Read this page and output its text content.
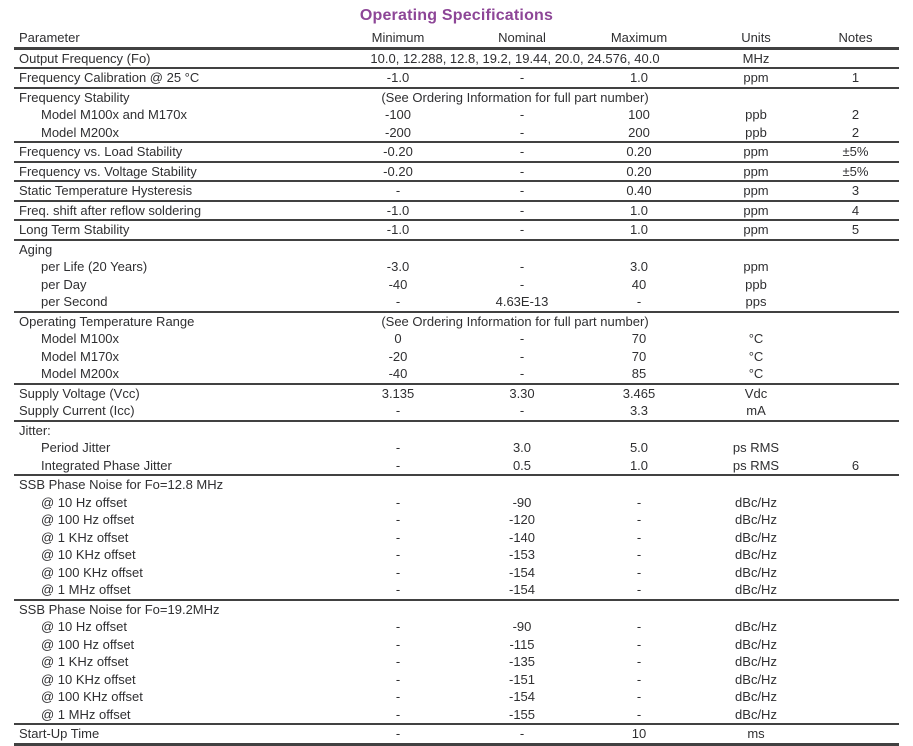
Operating Specifications
Parameter	Minimum	Nominal	Maximum	Units	Notes
Output Frequency (Fo)	10.0, 12.288, 12.8, 19.2, 19.44, 20.0, 24.576, 40.0			MHz	
Frequency Calibration @ 25 °C	-1.0	-	1.0	ppm	1
Frequency Stability	(See Ordering Information for full part number)				
Model M100x and M170x	-100	-	100	ppb	2
Model M200x	-200	-	200	ppb	2
Frequency vs. Load Stability	-0.20	-	0.20	ppm	±5%
Frequency vs. Voltage Stability	-0.20	-	0.20	ppm	±5%
Static Temperature Hysteresis	-	-	0.40	ppm	3
Freq. shift after reflow soldering	-1.0	-	1.0	ppm	4
Long Term Stability	-1.0	-	1.0	ppm	5
Aging					
per Life (20 Years)	-3.0	-	3.0	ppm	
per Day	-40	-	40	ppb	
per Second	-	4.63E-13	-	pps	
Operating Temperature Range	(See Ordering Information for full part number)				
Model M100x	0	-	70	°C	
Model M170x	-20	-	70	°C	
Model M200x	-40	-	85	°C	
Supply Voltage (Vcc)	3.135	3.30	3.465	Vdc	
Supply Current (Icc)	-	-	3.3	mA	
Jitter:					
Period Jitter	-	3.0	5.0	ps RMS	
Integrated Phase Jitter	-	0.5	1.0	ps RMS	6
SSB Phase Noise for Fo=12.8 MHz					
@ 10 Hz offset	-	-90	-	dBc/Hz	
@ 100 Hz offset	-	-120	-	dBc/Hz	
@ 1 KHz offset	-	-140	-	dBc/Hz	
@ 10 KHz offset	-	-153	-	dBc/Hz	
@ 100 KHz offset	-	-154	-	dBc/Hz	
@ 1 MHz offset	-	-154	-	dBc/Hz	
SSB Phase Noise for Fo=19.2MHz					
@ 10 Hz offset	-	-90	-	dBc/Hz	
@ 100 Hz offset	-	-115	-	dBc/Hz	
@ 1 KHz offset	-	-135	-	dBc/Hz	
@ 10 KHz offset	-	-151	-	dBc/Hz	
@ 100 KHz offset	-	-154	-	dBc/Hz	
@ 1 MHz offset	-	-155	-	dBc/Hz	
Start-Up Time	-	-	10	ms	
